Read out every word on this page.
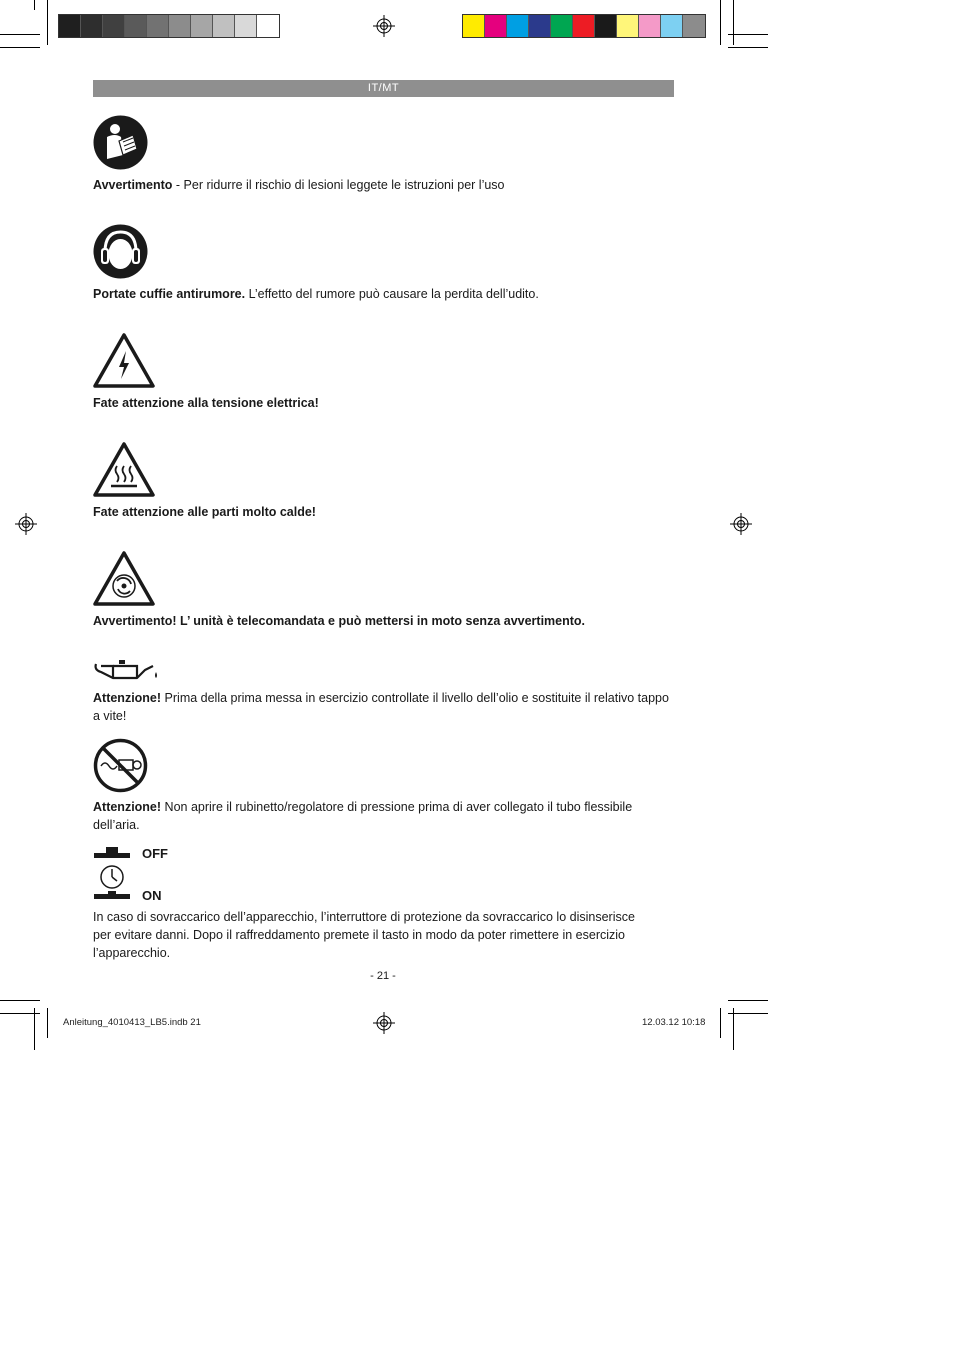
IT/MT
Avvertimento - Per ridurre il rischio di lesioni leggete le istruzioni per l’uso
Portate cuffie antirumore. L’effetto del rumore può causare la perdita dell’udito.
Fate attenzione alla tensione elettrica!
Fate attenzione alle parti molto calde!
Avvertimento! L’ unità è telecomandata e può mettersi in moto senza avvertimento.
Attenzione! Prima della prima messa in esercizio controllate il livello dell’olio e sostituite il relativo tappo a vite!
Attenzione! Non aprire il rubinetto/regolatore di pressione prima di aver collegato il tubo flessibile dell’aria.
OFF
ON
In caso di sovraccarico dell’apparecchio, l’interruttore di protezione da sovraccarico lo disinserisce per evitare danni. Dopo il raffreddamento premete il tasto in modo da poter rimettere in esercizio l’apparecchio.
- 21 -
Anleitung_4010413_LB5.indb 21	12.03.12 10:18
